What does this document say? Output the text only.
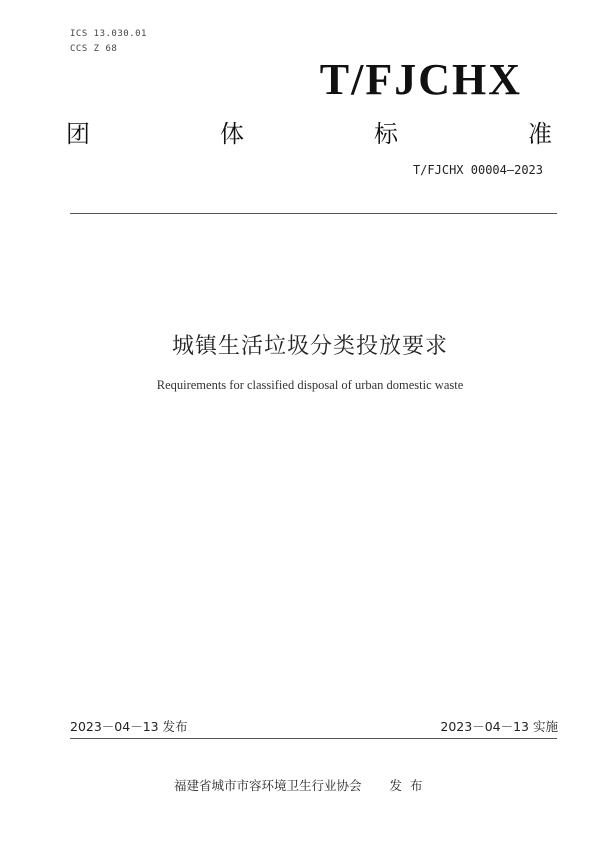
ICS 13.030.01
CCS Z 68
T/FJCHX
团	体	标	准
T/FJCHX 00004—2023
城镇生活垃圾分类投放要求
Requirements for classified disposal of urban domestic waste
2023－04－13 发布	2023－04－13 实施
福建省城市市容环境卫生行业协会 发布
